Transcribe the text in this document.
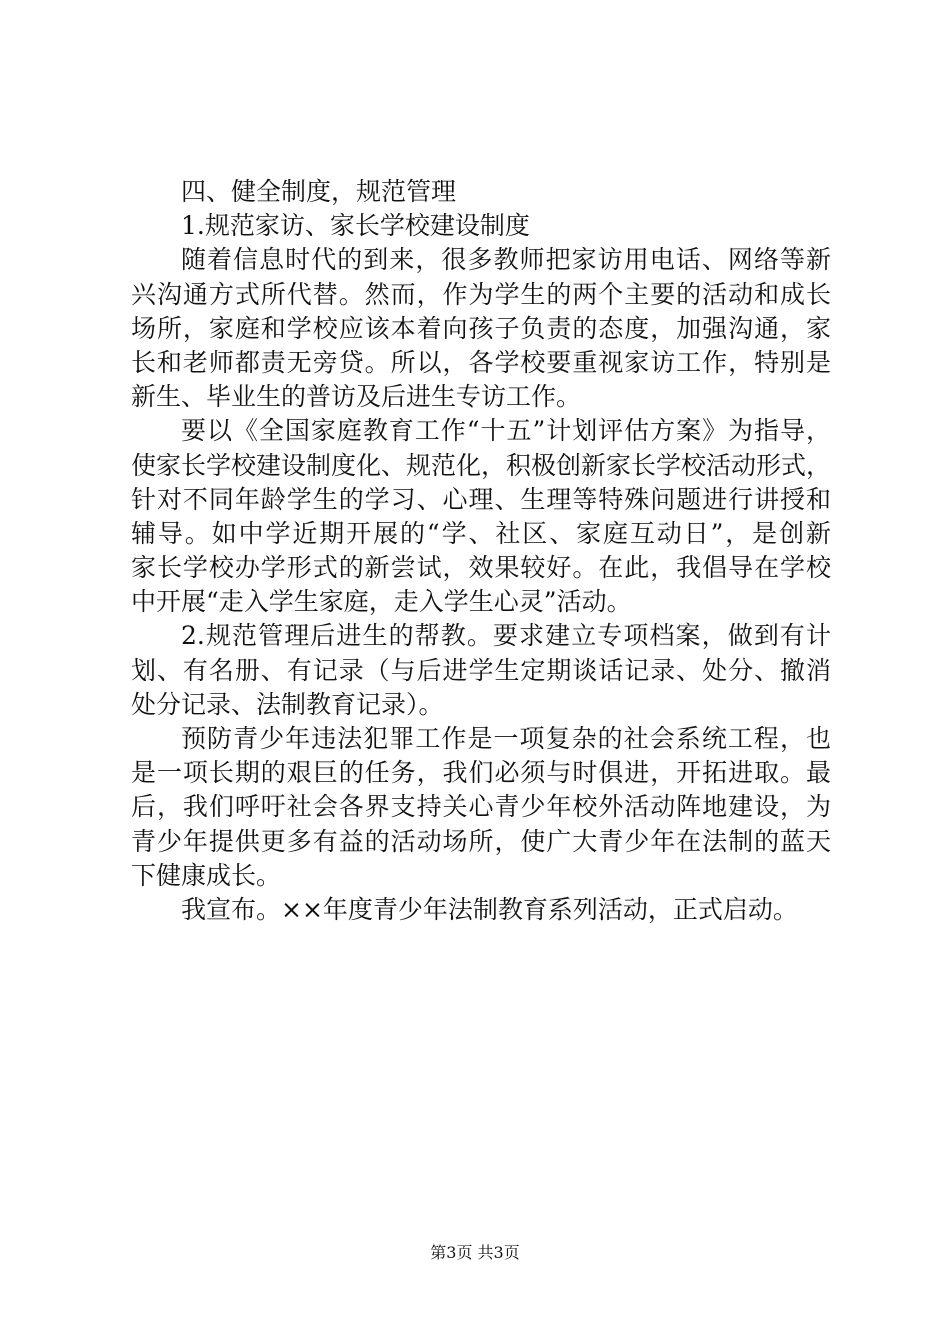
四、健全制度，规范管理
1.规范家访、家长学校建设制度
随着信息时代的到来，很多教师把家访用电话、网络等新
兴沟通方式所代替。然而，作为学生的两个主要的活动和成长
场所，家庭和学校应该本着向孩子负责的态度，加强沟通，家
长和老师都责无旁贷。所以，各学校要重视家访工作，特别是
新生、毕业生的普访及后进生专访工作。
要以《全国家庭教育工作“十五”计划评估方案》为指导，
使家长学校建设制度化、规范化，积极创新家长学校活动形式，
针对不同年龄学生的学习、心理、生理等特殊问题进行讲授和
辅导。如中学近期开展的“学、社区、家庭互动日”，是创新
家长学校办学形式的新尝试，效果较好。在此，我倡导在学校
中开展“走入学生家庭，走入学生心灵”活动。
2.规范管理后进生的帮教。要求建立专项档案，做到有计
划、有名册、有记录（与后进学生定期谈话记录、处分、撤消
处分记录、法制教育记录）。
预防青少年违法犯罪工作是一项复杂的社会系统工程，也
是一项长期的艰巨的任务，我们必须与时俱进，开拓进取。最
后，我们呼吁社会各界支持关心青少年校外活动阵地建设，为
青少年提供更多有益的活动场所，使广大青少年在法制的蓝天
下健康成长。
我宣布。××年度青少年法制教育系列活动，正式启动。
第3页 共3页
